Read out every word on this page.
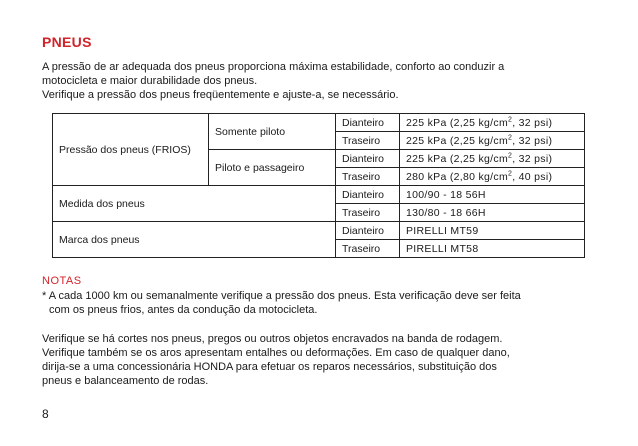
PNEUS
A pressão de ar adequada dos pneus proporciona máxima estabilidade, conforto ao conduzir a
motocicleta e maior durabilidade dos pneus.
Verifique a pressão dos pneus freqüentemente e ajuste-a, se necessário.
Pressão dos pneus (FRIOS)	Somente piloto	Dianteiro	225 kPa (2,25 $kg/cm^2$, 32 psi)
		Traseiro	225 kPa (2,25 $kg/cm^2$, 32 psi)
	Piloto e passageiro	Dianteiro	225 kPa (2,25 $kg/cm^2$, 32 psi)
		Traseiro	280 kPa (2,80 $kg/cm^2$, 40 psi)
Medida dos pneus		Dianteiro	100/90 - 18 56H
		Traseiro	130/80 - 18 66H
Marca dos pneus		Dianteiro	PIRELLI MT59
		Traseiro	PIRELLI MT58
NOTAS
* A cada 1000 km ou semanalmente verifique a pressão dos pneus. Esta verificação deve ser feita
com os pneus frios, antes da condução da motocicleta.
Verifique se há cortes nos pneus, pregos ou outros objetos encravados na banda de rodagem.
Verifique também se os aros apresentam entalhes ou deformações. Em caso de qualquer dano,
dirija-se a uma concessionária HONDA para efetuar os reparos necessários, substituição dos
pneus e balanceamento de rodas.
8
